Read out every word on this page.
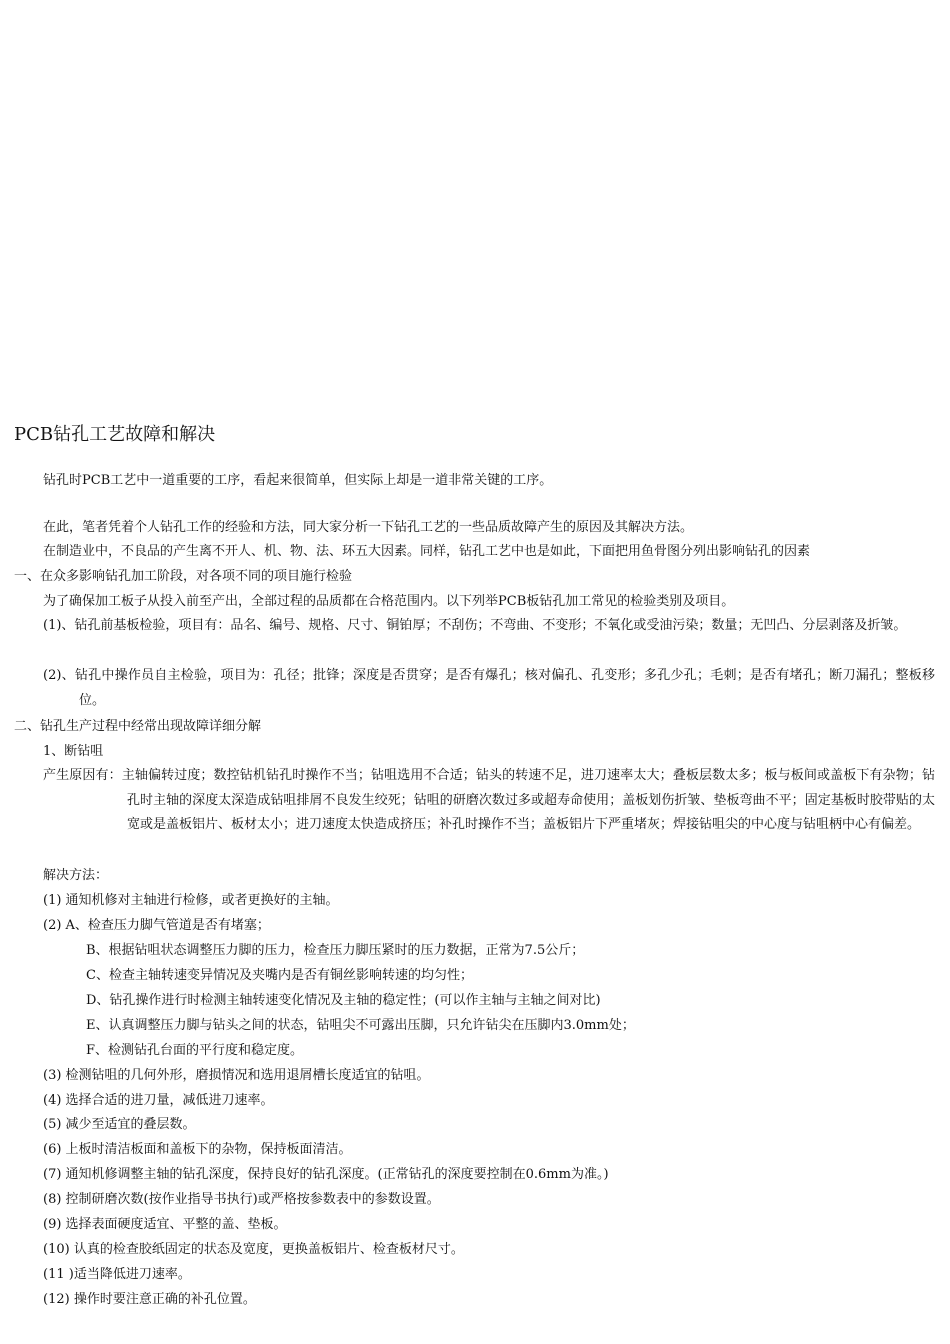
PCB钻孔工艺故障和解决
钻孔时PCB工艺中一道重要的工序，看起来很简单，但实际上却是一道非常关键的工序。
在此，笔者凭着个人钻孔工作的经验和方法，同大家分析一下钻孔工艺的一些品质故障产生的原因及其解决方法。
在制造业中，不良品的产生离不开人、机、物、法、环五大因素。同样，钻孔工艺中也是如此，下面把用鱼骨图分列出影响钻孔的因素
一、在众多影响钻孔加工阶段，对各项不同的项目施行检验
为了确保加工板子从投入前至产出，全部过程的品质都在合格范围内。以下列举PCB板钻孔加工常见的检验类别及项目。
(1)、钻孔前基板检验，项目有：品名、编号、规格、尺寸、铜铂厚；不刮伤；不弯曲、不变形；不氧化或受油污染；数量；无凹凸、分层剥落及折皱。
(2)、钻孔中操作员自主检验，项目为：孔径；批锋；深度是否贯穿；是否有爆孔；核对偏孔、孔变形；多孔少孔；毛刺；是否有堵孔；断刀漏孔；整板移位。
二、钻孔生产过程中经常出现故障详细分解
1、断钻咀
产生原因有：主轴偏转过度；数控钻机钻孔时操作不当；钻咀选用不合适；钻头的转速不足，进刀速率太大；叠板层数太多；板与板间或盖板下有杂物；钻孔时主轴的深度太深造成钻咀排屑不良发生绞死；钻咀的研磨次数过多或超寿命使用；盖板划伤折皱、垫板弯曲不平；固定基板时胶带贴的太宽或是盖板铝片、板材太小；进刀速度太快造成挤压；补孔时操作不当；盖板铝片下严重堵灰；焊接钻咀尖的中心度与钻咀柄中心有偏差。
解决方法：
(1) 通知机修对主轴进行检修，或者更换好的主轴。
(2) A、检查压力脚气管道是否有堵塞；
B、根据钻咀状态调整压力脚的压力，检查压力脚压紧时的压力数据，正常为7.5公斤；
C、检查主轴转速变异情况及夹嘴内是否有铜丝影响转速的均匀性；
D、钻孔操作进行时检测主轴转速变化情况及主轴的稳定性；(可以作主轴与主轴之间对比)
E、认真调整压力脚与钻头之间的状态，钻咀尖不可露出压脚，只允许钻尖在压脚内3.0mm处；
F、检测钻孔台面的平行度和稳定度。
(3) 检测钻咀的几何外形，磨损情况和选用退屑槽长度适宜的钻咀。
(4) 选择合适的进刀量，减低进刀速率。
(5) 减少至适宜的叠层数。
(6) 上板时清洁板面和盖板下的杂物，保持板面清洁。
(7) 通知机修调整主轴的钻孔深度，保持良好的钻孔深度。(正常钻孔的深度要控制在0.6mm为准。)
(8) 控制研磨次数(按作业指导书执行)或严格按参数表中的参数设置。
(9) 选择表面硬度适宜、平整的盖、垫板。
(10) 认真的检查胶纸固定的状态及宽度，更换盖板铝片、检查板材尺寸。
(11 )适当降低进刀速率。
(12) 操作时要注意正确的补孔位置。
